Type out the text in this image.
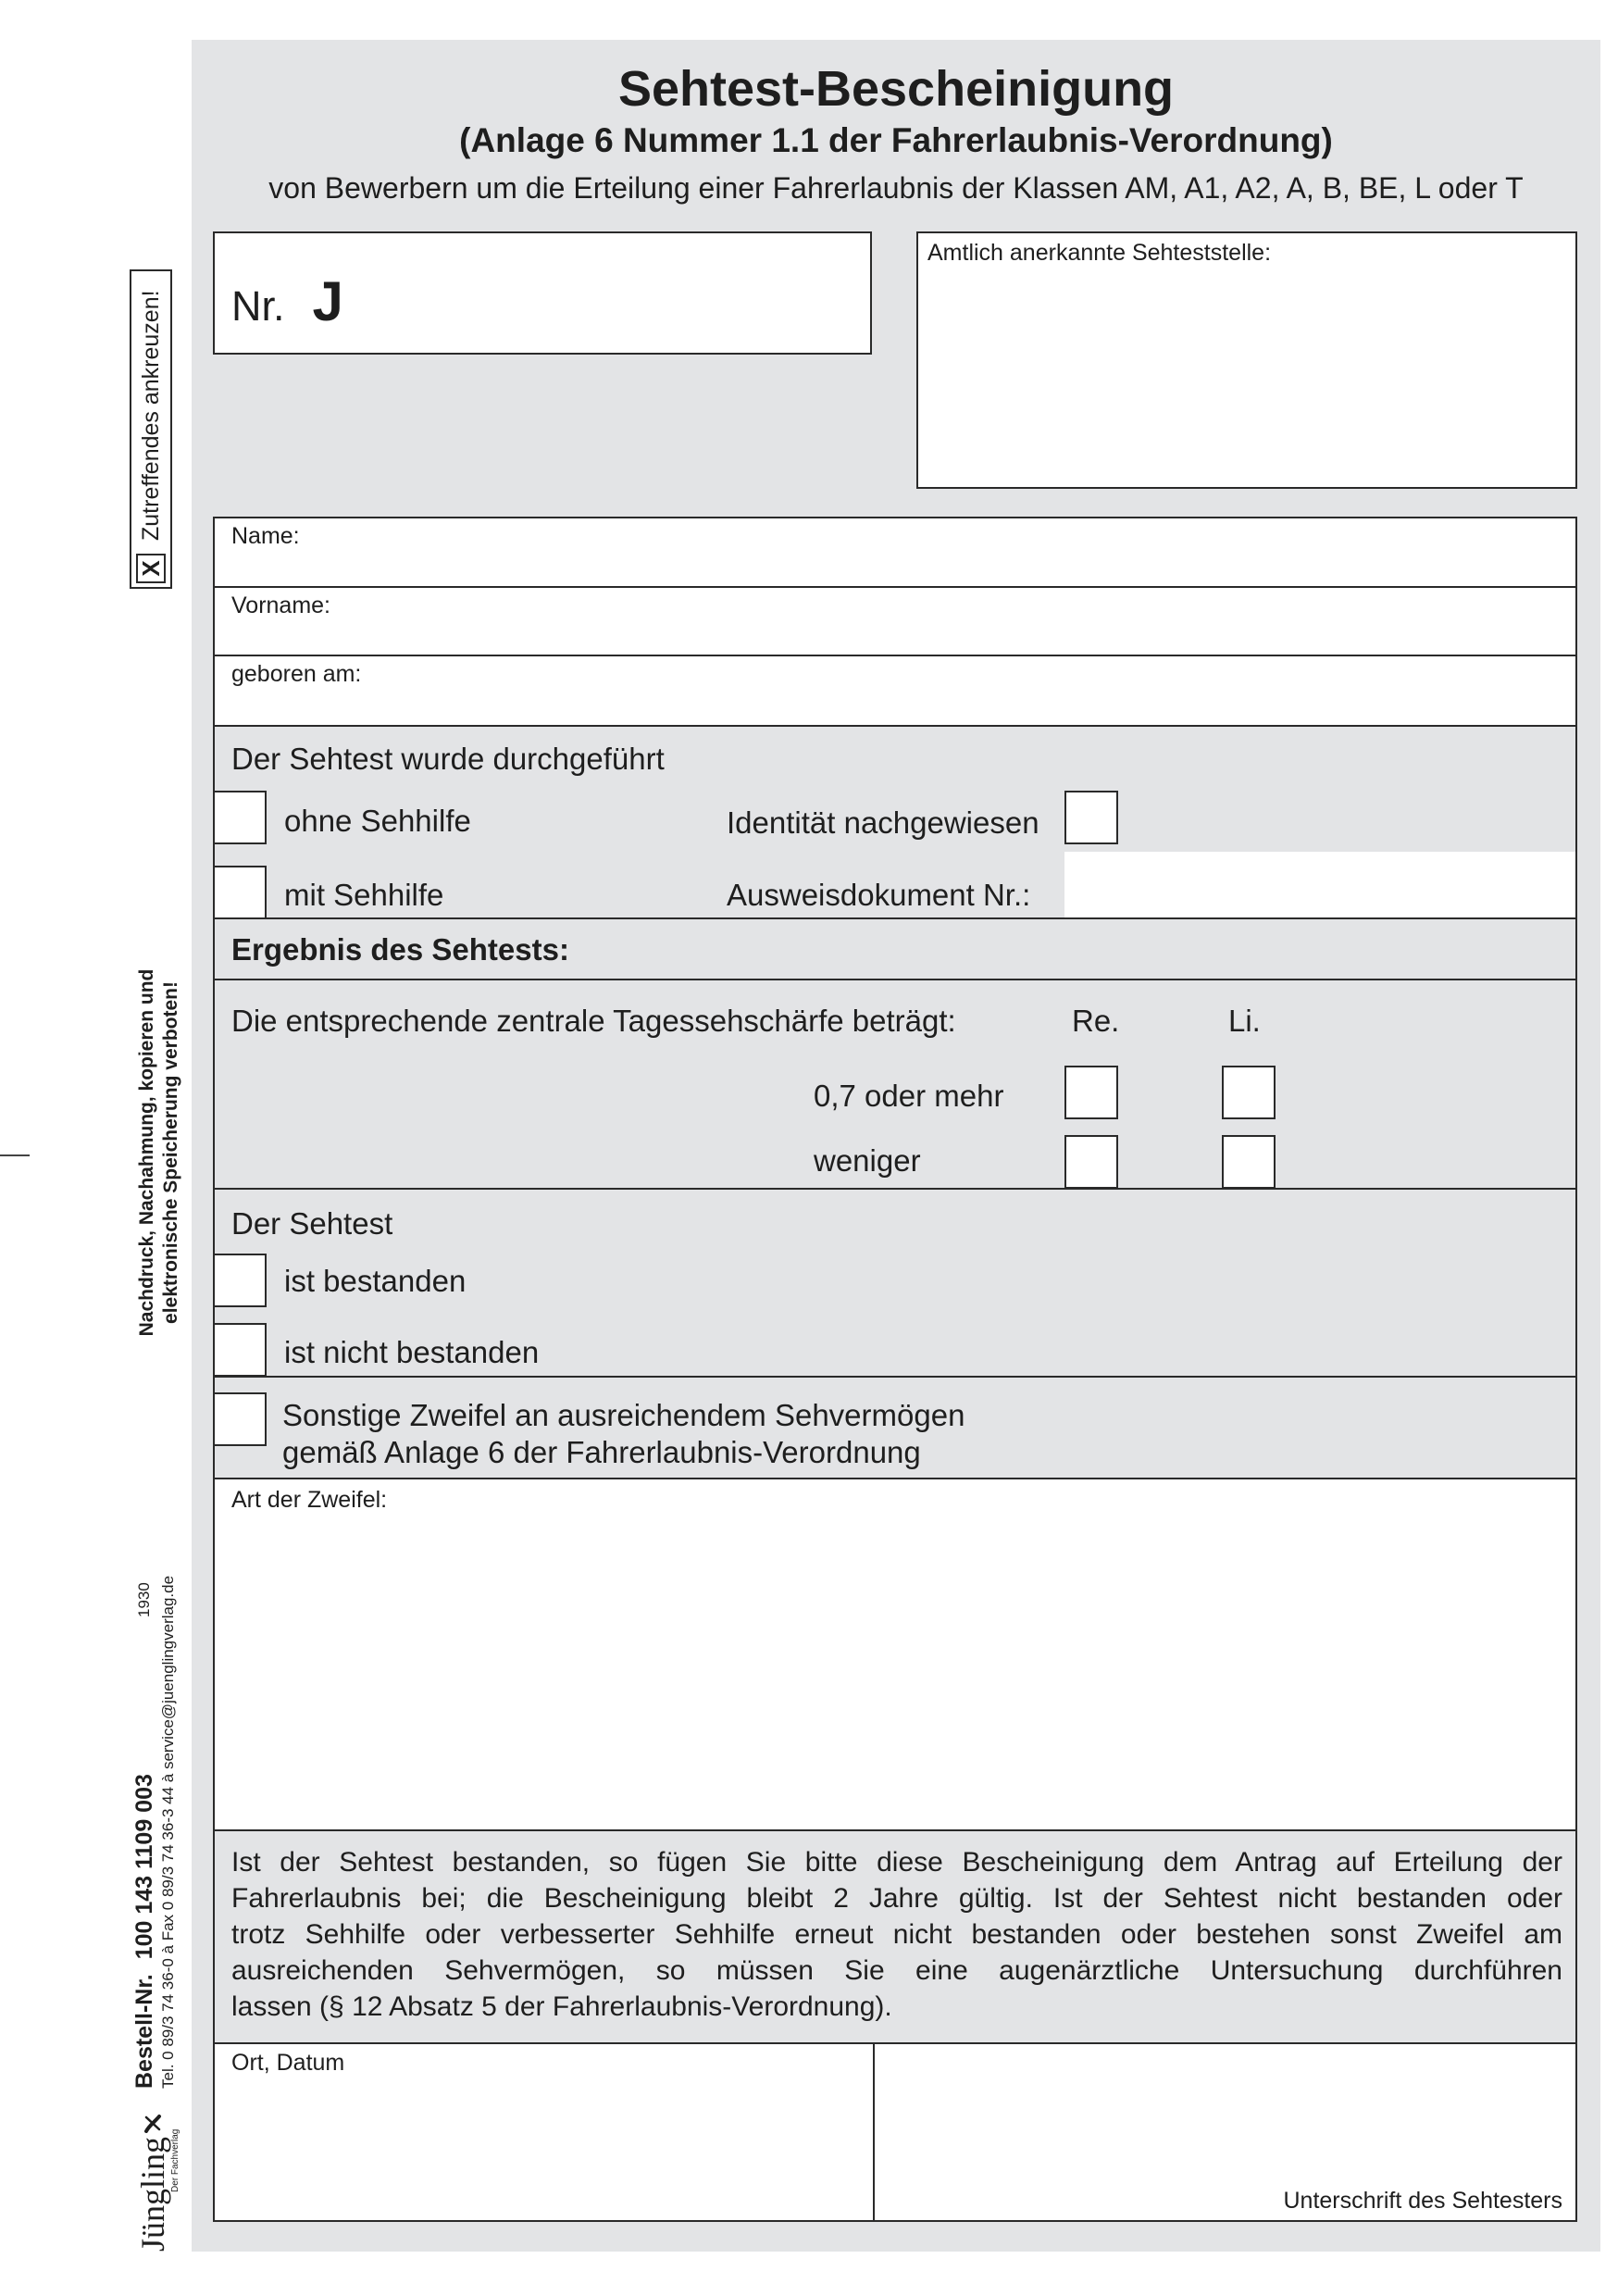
X
Zutreffendes ankreuzen!
Nachdruck, Nachahmung, kopieren und elektronische Speicherung verboten!
1930
Bestell-Nr.
100 143 1109 003 Tel. 0 89/3 74 36-0 à Fax 0 89/3 74 36-3 44 à service@juenglingverlag.de
Jüngling Der Fachverlag
Sehtest-Bescheinigung
(Anlage 6 Nummer 1.1 der Fahrerlaubnis-Verordnung)
von Bewerbern um die Erteilung einer Fahrerlaubnis der Klassen AM, A1, A2, A, B, BE, L oder T
Nr. J
Amtlich anerkannte Sehteststelle:
Name:
Vorname:
geboren am:
Der Sehtest wurde durchgeführt
ohne Sehhilfe	Identität nachgewiesen
mit Sehhilfe	Ausweisdokument Nr.:
Ergebnis des Sehtests:
Die entsprechende zentrale Tagessehschärfe beträgt:	Re.	Li.
0,7 oder mehr
weniger
Der Sehtest
ist bestanden
ist nicht bestanden
Sonstige Zweifel an ausreichendem Sehvermögen
gemäß Anlage 6 der Fahrerlaubnis-Verordnung
Art der Zweifel:
Ist der Sehtest bestanden, so fügen Sie bitte diese Bescheinigung dem Antrag auf Erteilung der
Fahrerlaubnis bei; die Bescheinigung bleibt 2 Jahre gültig. Ist der Sehtest nicht bestanden oder
trotz Sehhilfe oder verbesserter Sehhilfe erneut nicht bestanden oder bestehen sonst Zweifel am
ausreichenden Sehvermögen, so müssen Sie eine augenärztliche Untersuchung durchführen
lassen (§ 12 Absatz 5 der Fahrerlaubnis-Verordnung).
Ort, Datum
Unterschrift des Sehtesters
